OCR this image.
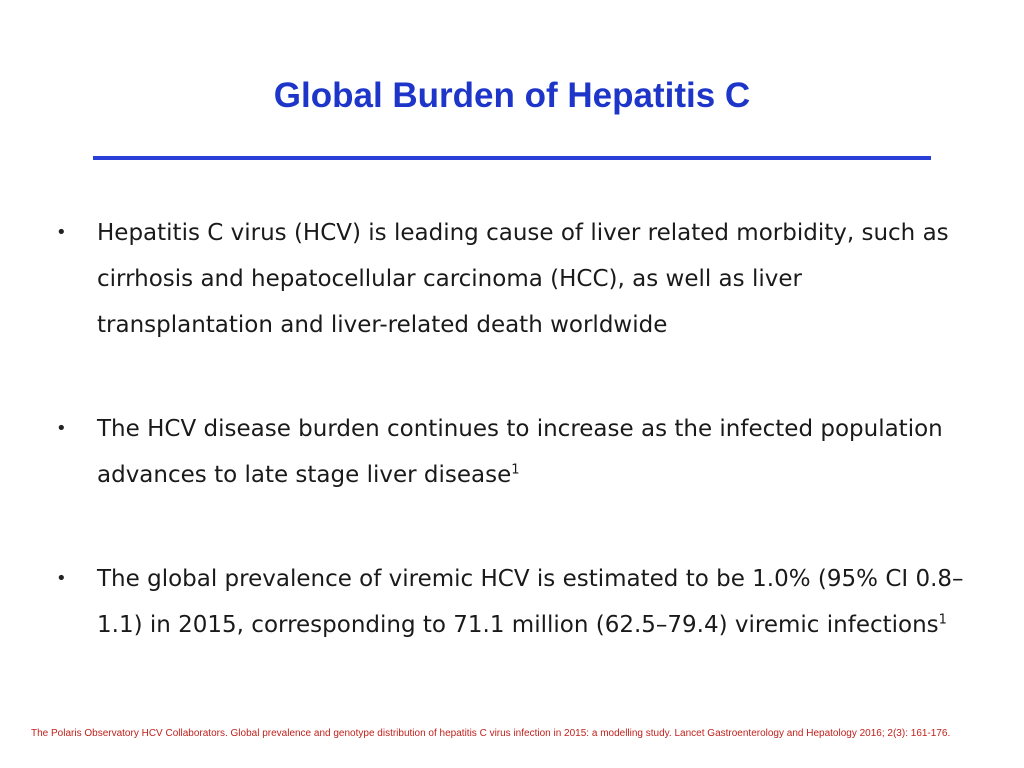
Global Burden of Hepatitis C
•	Hepatitis C virus (HCV) is leading cause of liver related morbidity, such as cirrhosis and hepatocellular carcinoma (HCC), as well as liver transplantation and liver-related death worldwide
•	The HCV disease burden continues to increase as the infected population advances to late stage liver disease$^1$
•	The global prevalence of viremic HCV is estimated to be 1.0% (95% CI 0.8–1.1) in 2015, corresponding to 71.1 million (62.5–79.4) viremic infections$^1$

The Polaris Observatory HCV Collaborators. Global prevalence and genotype distribution of hepatitis C virus infection in 2015: a modelling study. Lancet Gastroenterology and Hepatology 2016; 2(3): 161-176.
